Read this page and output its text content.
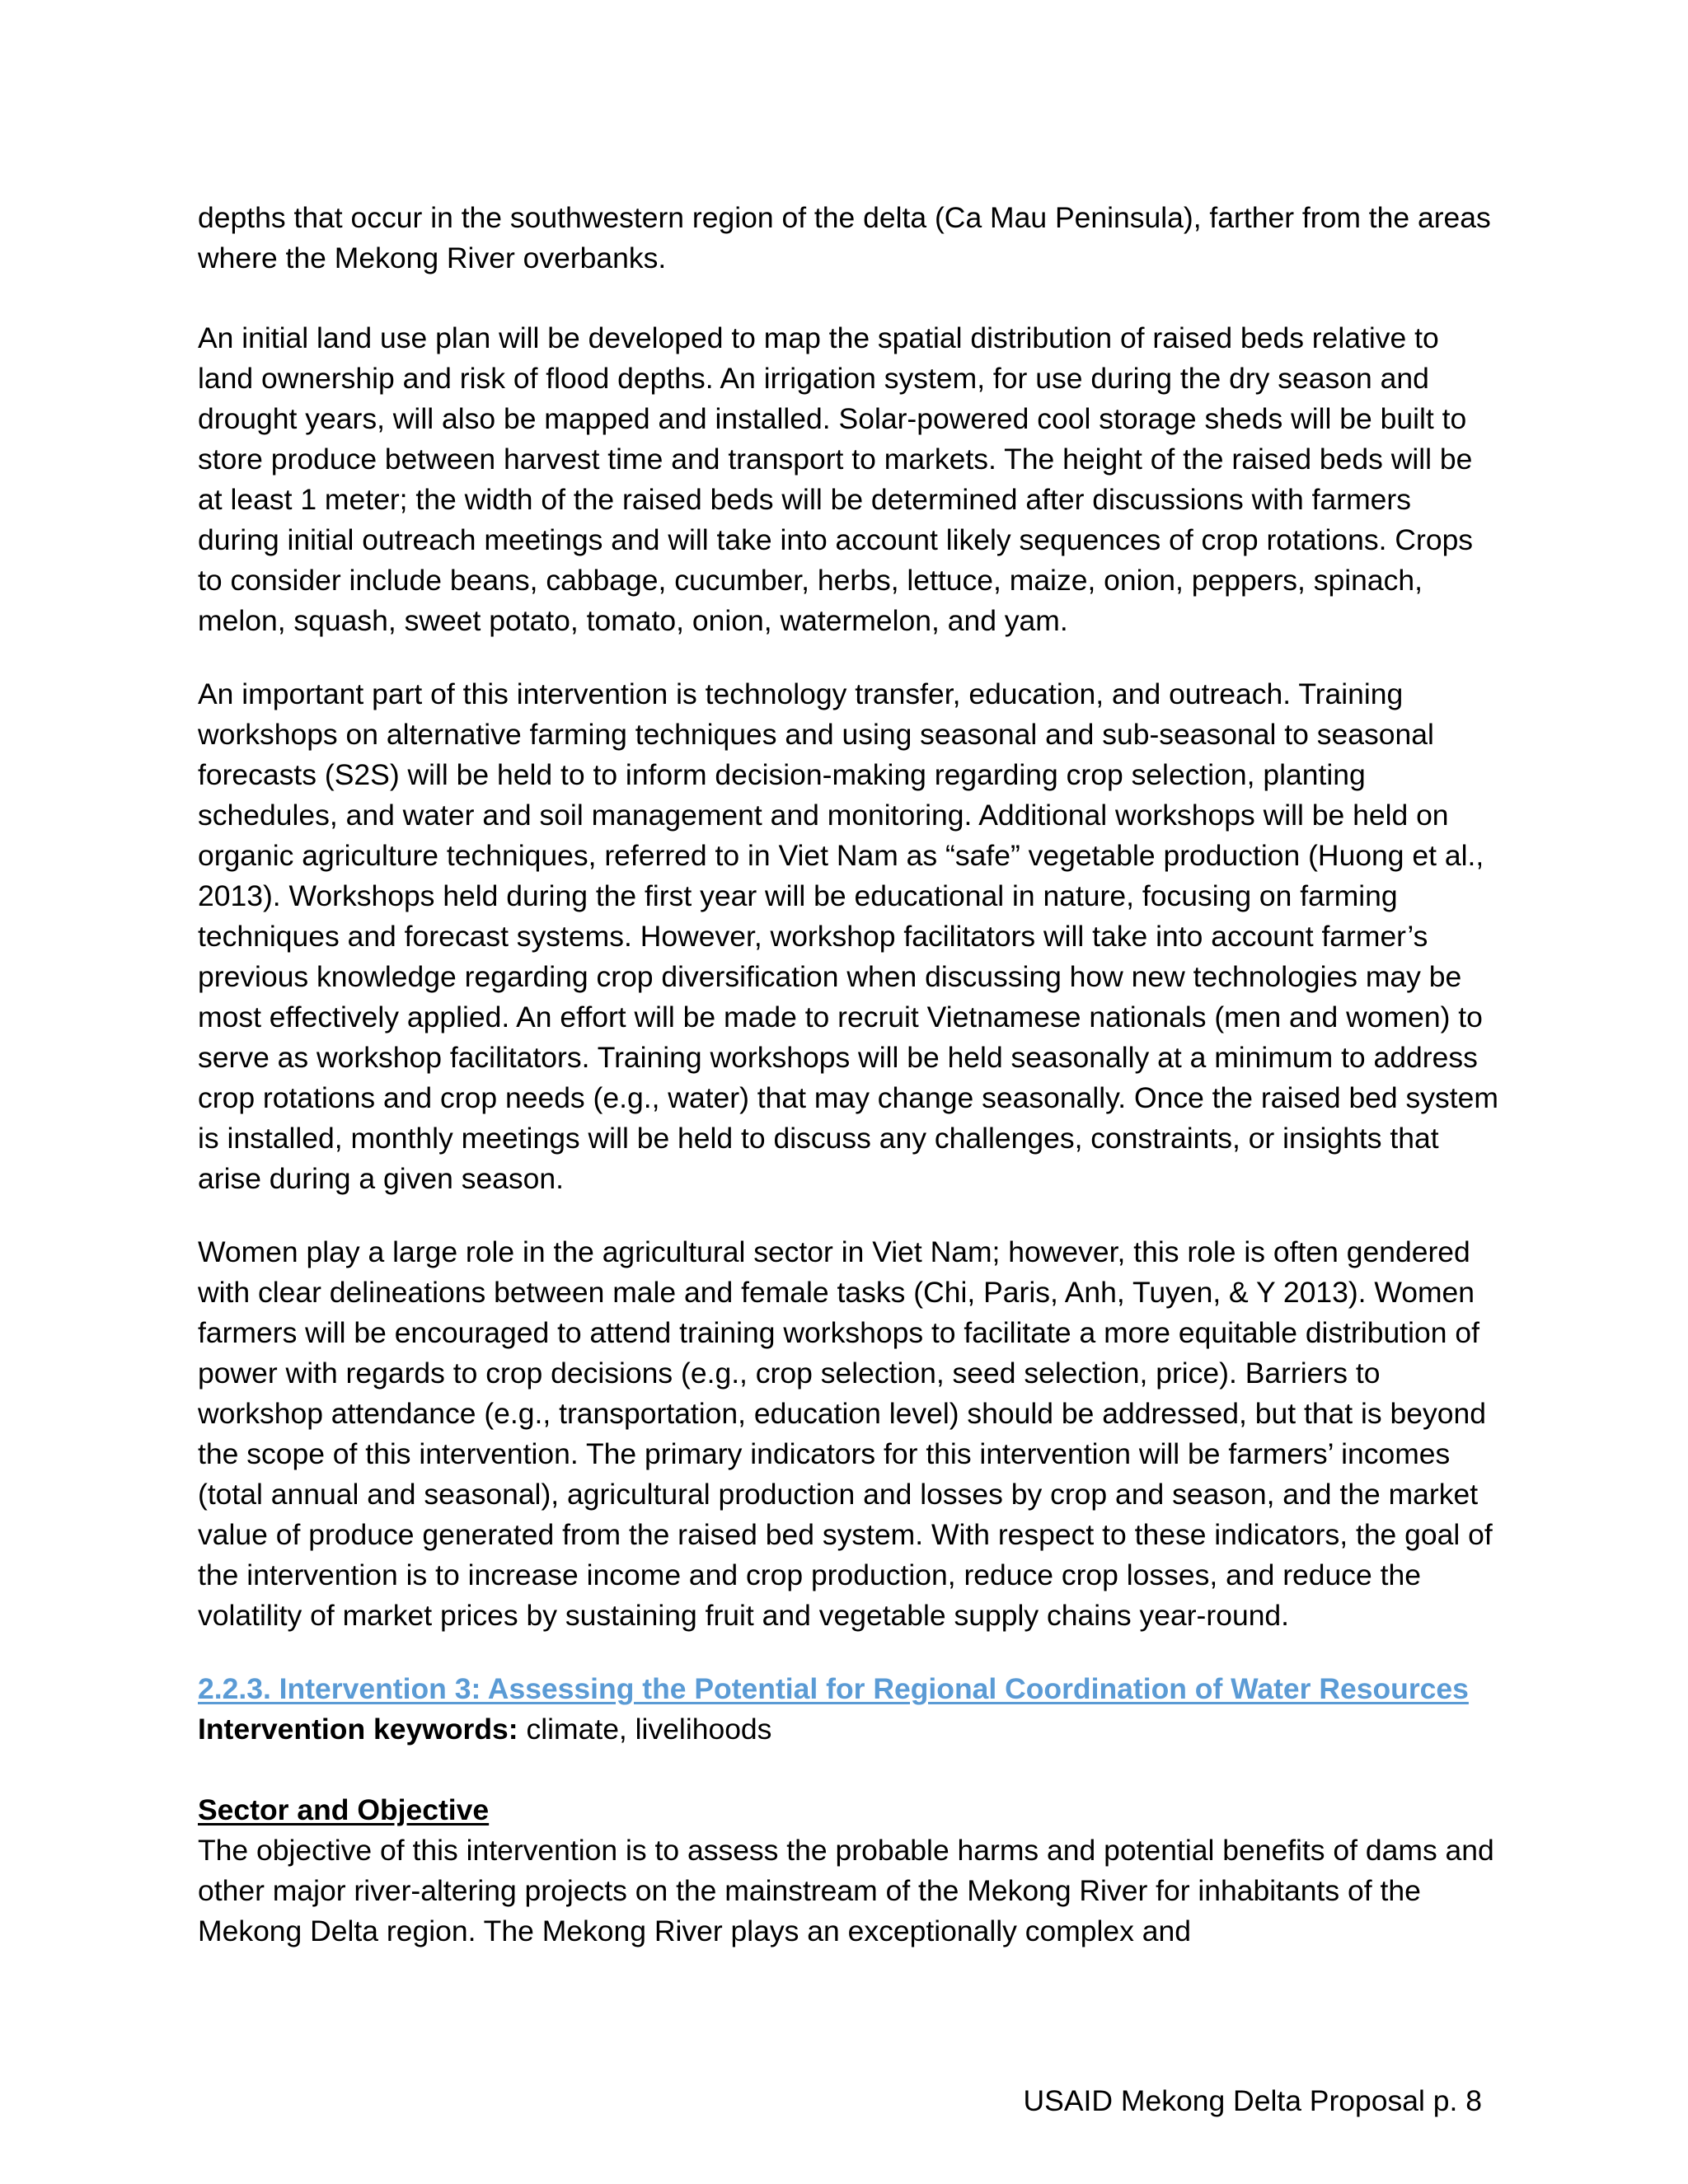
depths that occur in the southwestern region of the delta (Ca Mau Peninsula), farther from the areas where the Mekong River overbanks.

An initial land use plan will be developed to map the spatial distribution of raised beds relative to land ownership and risk of flood depths. An irrigation system, for use during the dry season and drought years, will also be mapped and installed. Solar-powered cool storage sheds will be built to store produce between harvest time and transport to markets. The height of the raised beds will be at least 1 meter; the width of the raised beds will be determined after discussions with farmers during initial outreach meetings and will take into account likely sequences of crop rotations. Crops to consider include beans, cabbage, cucumber, herbs, lettuce, maize, onion, peppers, spinach, melon, squash, sweet potato, tomato, onion, watermelon, and yam.

An important part of this intervention is technology transfer, education, and outreach. Training workshops on alternative farming techniques and using seasonal and sub-seasonal to seasonal forecasts (S2S) will be held to to inform decision-making regarding crop selection, planting schedules, and water and soil management and monitoring. Additional workshops will be held on organic agriculture techniques, referred to in Viet Nam as “safe” vegetable production (Huong et al., 2013). Workshops held during the first year will be educational in nature, focusing on farming techniques and forecast systems. However, workshop facilitators will take into account farmer’s previous knowledge regarding crop diversification when discussing how new technologies may be most effectively applied. An effort will be made to recruit Vietnamese nationals (men and women) to serve as workshop facilitators. Training workshops will be held seasonally at a minimum to address crop rotations and crop needs (e.g., water) that may change seasonally. Once the raised bed system is installed, monthly meetings will be held to discuss any challenges, constraints, or insights that arise during a given season.

Women play a large role in the agricultural sector in Viet Nam; however, this role is often gendered with clear delineations between male and female tasks (Chi, Paris, Anh, Tuyen, & Y 2013). Women farmers will be encouraged to attend training workshops to facilitate a more equitable distribution of power with regards to crop decisions (e.g., crop selection, seed selection, price). Barriers to workshop attendance (e.g., transportation, education level) should be addressed, but that is beyond the scope of this intervention. The primary indicators for this intervention will be farmers’ incomes (total annual and seasonal), agricultural production and losses by crop and season, and the market value of produce generated from the raised bed system. With respect to these indicators, the goal of the intervention is to increase income and crop production, reduce crop losses, and reduce the volatility of market prices by sustaining fruit and vegetable supply chains year-round.

2.2.3. Intervention 3: Assessing the Potential for Regional Coordination of Water Resources

Intervention keywords: climate, livelihoods

Sector and Objective

The objective of this intervention is to assess the probable harms and potential benefits of dams and other major river-altering projects on the mainstream of the Mekong River for inhabitants of the Mekong Delta region. The Mekong River plays an exceptionally complex and

USAID Mekong Delta Proposal p. 8
